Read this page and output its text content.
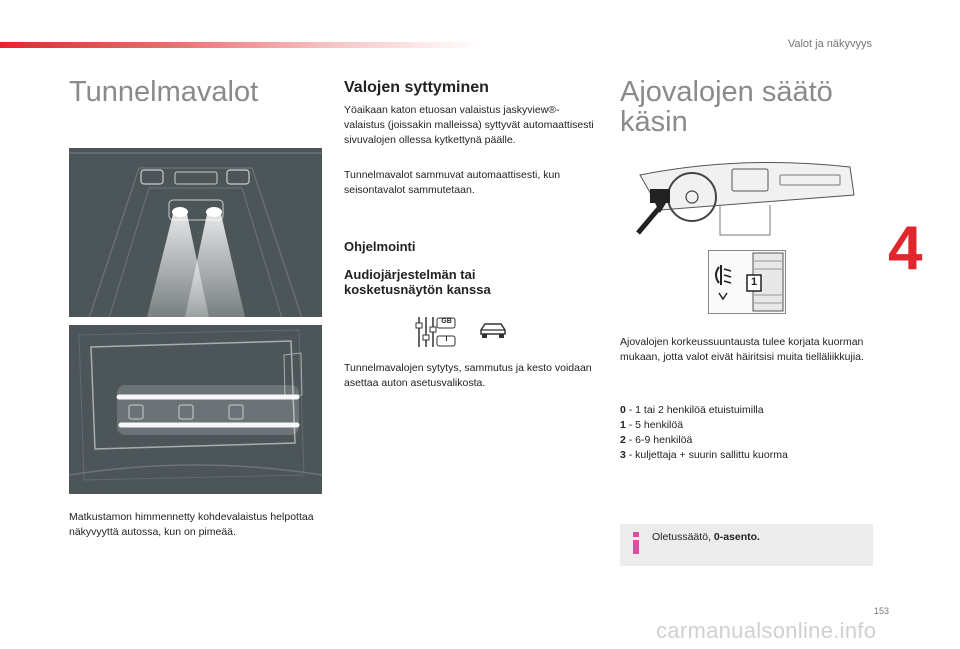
Valot ja näkyvyys
4
Tunnelmavalot

Matkustamon himmennetty kohdevalaistus helpottaa näkyvyyttä autossa, kun on pimeää.

Valojen syttyminen

Yöaikaan katon etuosan valaistus jaskyview®-valaistus (joissakin malleissa) syttyvät automaattisesti sivuvalojen ollessa kytkettynä päälle.

Tunnelmavalot sammuvat automaattisesti, kun seisontavalot sammutetaan.

Ohjelmointi
Audiojärjestelmän tai kosketusnäytön kanssa
GB
I

Tunnelmavalojen sytytys, sammutus ja kesto voidaan asettaa auton asetusvalikosta.

Ajovalojen säätö
käsin
1

Ajovalojen korkeussuuntausta tulee korjata kuorman mukaan, jotta valot eivät häiritsisi muita tielläliikkujia.

0 - 1 tai 2 henkilöä etuistuimilla
1 - 5 henkilöä
2 - 6-9 henkilöä
3 - kuljettaja + suurin sallittu kuorma
Oletussäätö, 0-asento.
153
carmanualsonline.info
